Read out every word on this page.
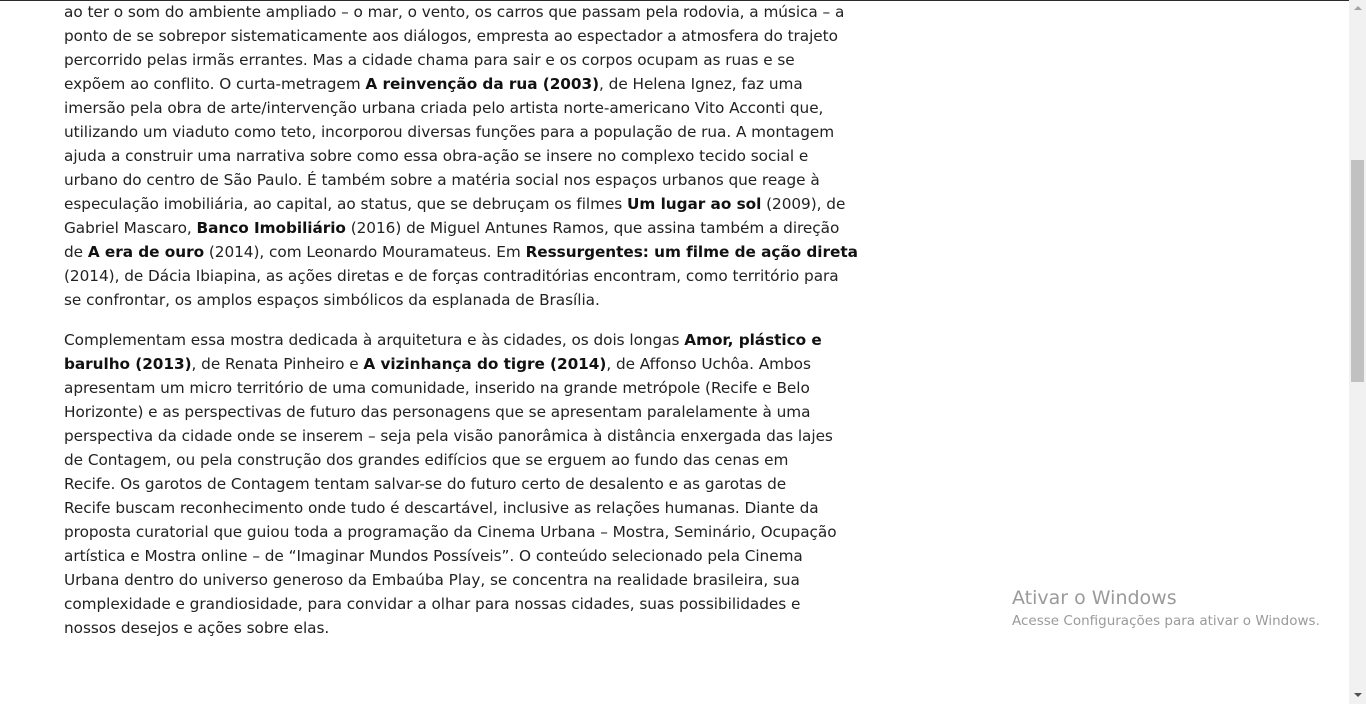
ao ter o som do ambiente ampliado – o mar, o vento, os carros que passam pela rodovia, a música – a
ponto de se sobrepor sistematicamente aos diálogos, empresta ao espectador a atmosfera do trajeto
percorrido pelas irmãs errantes. Mas a cidade chama para sair e os corpos ocupam as ruas e se
expõem ao conflito. O curta-metragem A reinvenção da rua (2003), de Helena Ignez, faz uma
imersão pela obra de arte/intervenção urbana criada pelo artista norte-americano Vito Acconti que,
utilizando um viaduto como teto, incorporou diversas funções para a população de rua. A montagem
ajuda a construir uma narrativa sobre como essa obra-ação se insere no complexo tecido social e
urbano do centro de São Paulo. É também sobre a matéria social nos espaços urbanos que reage à
especulação imobiliária, ao capital, ao status, que se debruçam os filmes Um lugar ao sol (2009), de
Gabriel Mascaro, Banco Imobiliário (2016) de Miguel Antunes Ramos, que assina também a direção
de A era de ouro (2014), com Leonardo Mouramateus. Em Ressurgentes: um filme de ação direta
(2014), de Dácia Ibiapina, as ações diretas e de forças contraditórias encontram, como território para
se confrontar, os amplos espaços simbólicos da esplanada de Brasília.

Complementam essa mostra dedicada à arquitetura e às cidades, os dois longas Amor, plástico e
barulho (2013), de Renata Pinheiro e A vizinhança do tigre (2014), de Affonso Uchôa. Ambos
apresentam um micro território de uma comunidade, inserido na grande metrópole (Recife e Belo
Horizonte) e as perspectivas de futuro das personagens que se apresentam paralelamente à uma
perspectiva da cidade onde se inserem – seja pela visão panorâmica à distância enxergada das lajes
de Contagem, ou pela construção dos grandes edifícios que se erguem ao fundo das cenas em
Recife. Os garotos de Contagem tentam salvar-se do futuro certo de desalento e as garotas de
Recife buscam reconhecimento onde tudo é descartável, inclusive as relações humanas. Diante da
proposta curatorial que guiou toda a programação da Cinema Urbana – Mostra, Seminário, Ocupação
artística e Mostra online – de “Imaginar Mundos Possíveis”. O conteúdo selecionado pela Cinema
Urbana dentro do universo generoso da Embaúba Play, se concentra na realidade brasileira, sua
complexidade e grandiosidade, para convidar a olhar para nossas cidades, suas possibilidades e
nossos desejos e ações sobre elas.

Ativar o Windows
Acesse Configurações para ativar o Windows.
